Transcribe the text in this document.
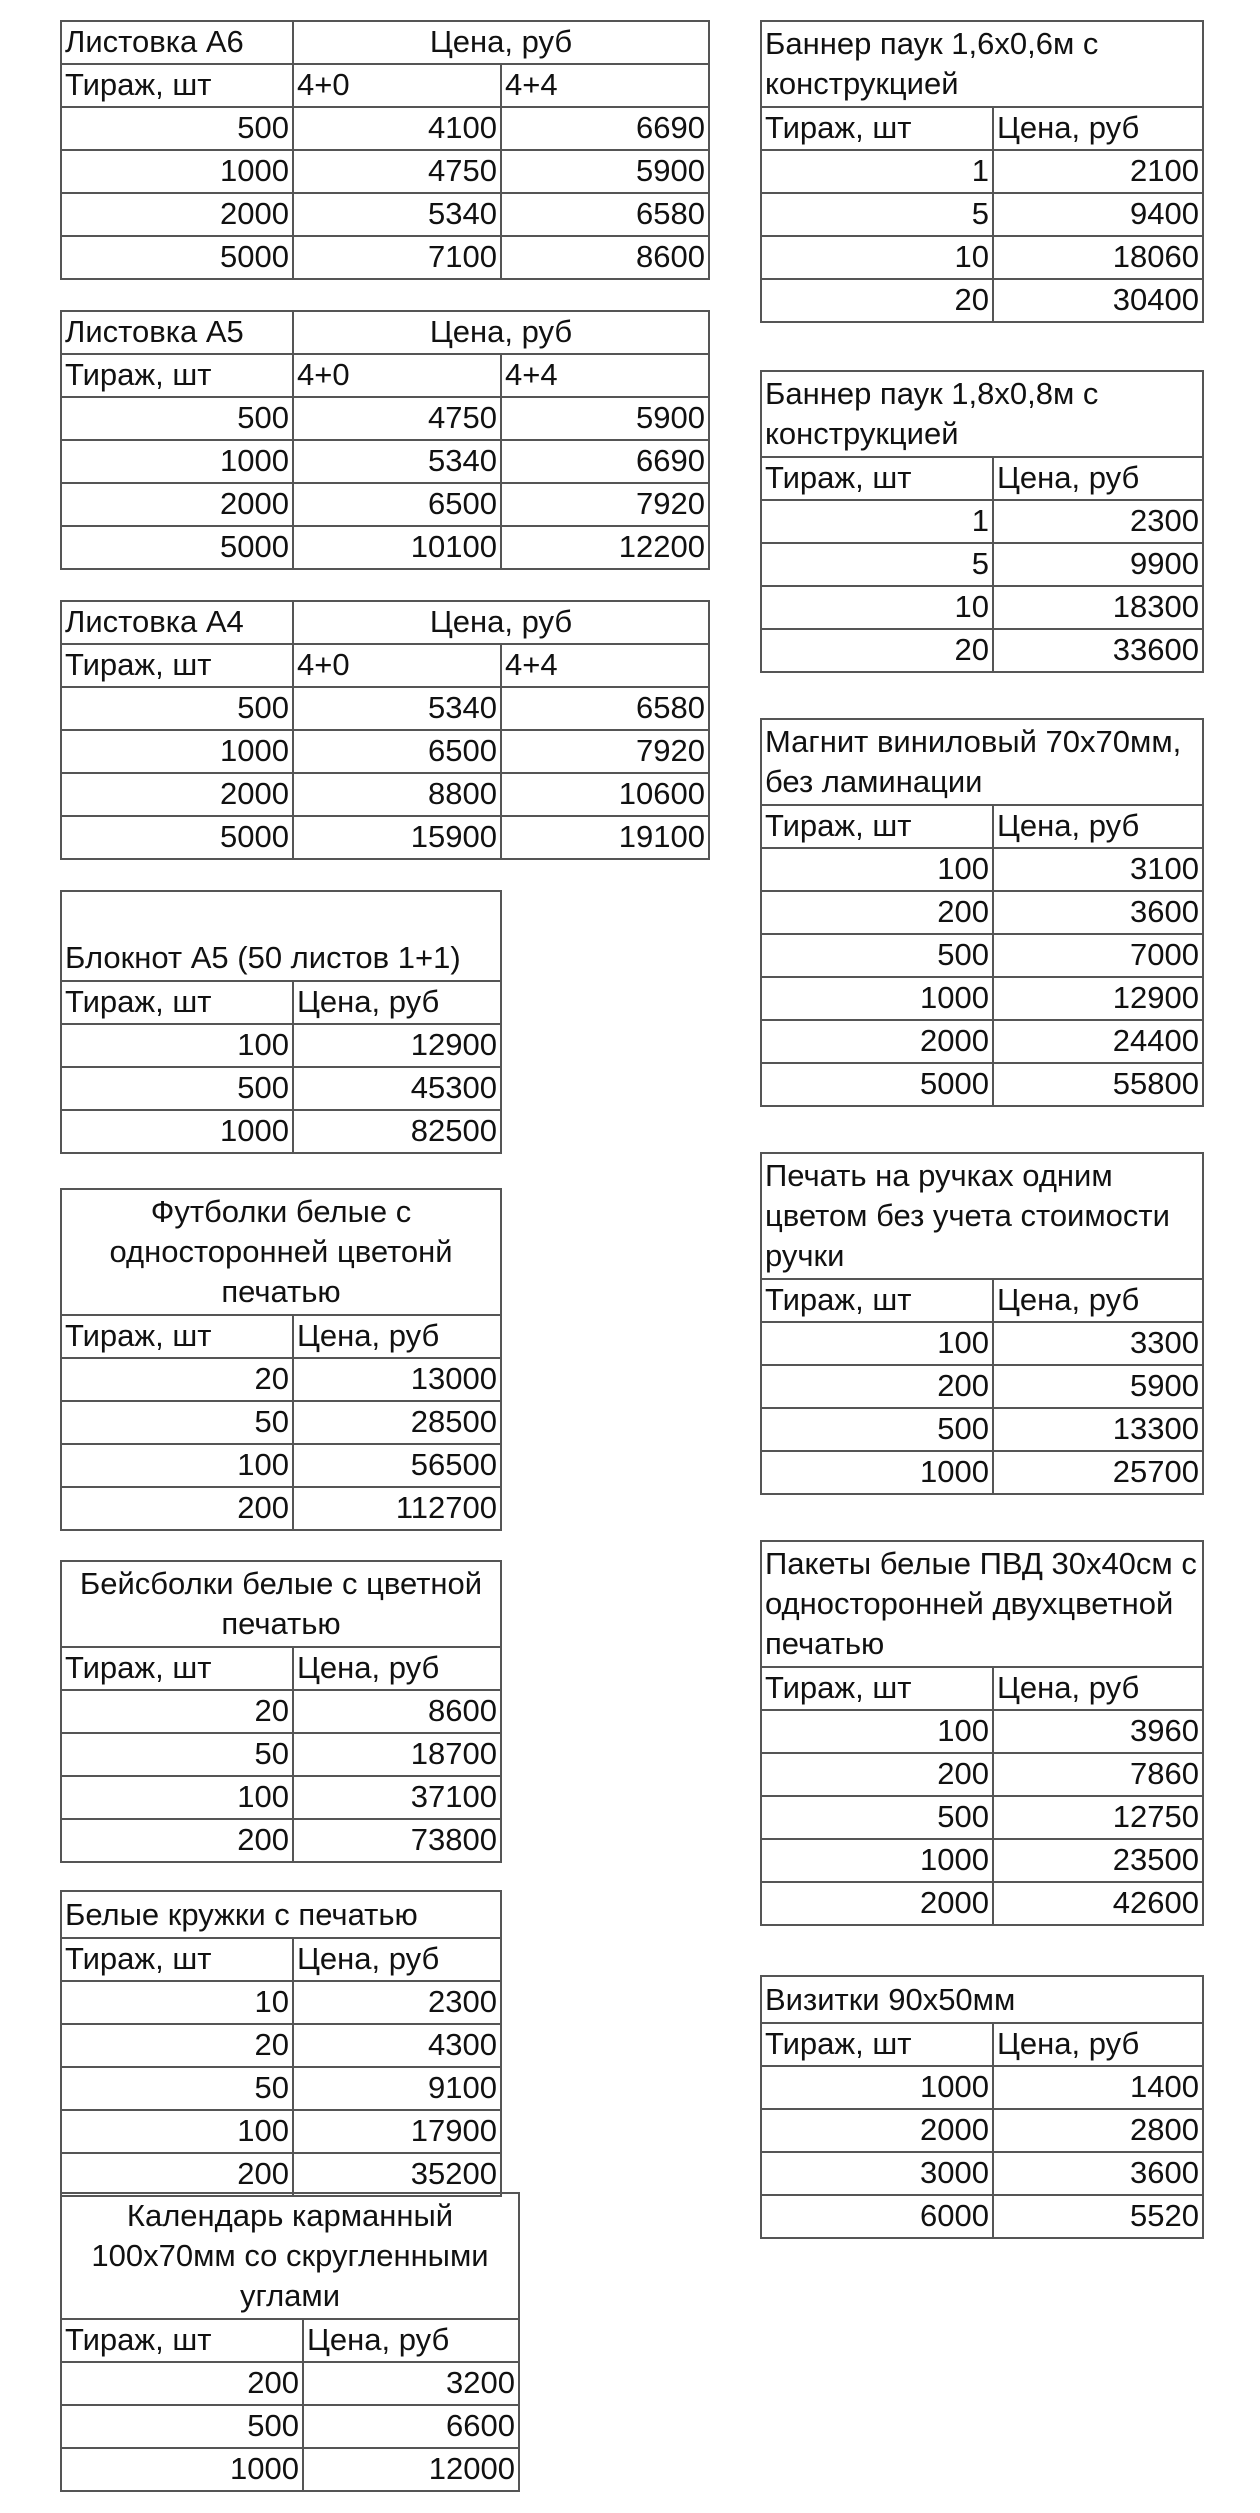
Листовка А6	Цена, руб	
Тираж, шт	4+0	4+4
500	4100	6690
1000	4750	5900
2000	5340	6580
5000	7100	8600
Листовка А5	Цена, руб	
Тираж, шт	4+0	4+4
500	4750	5900
1000	5340	6690
2000	6500	7920
5000	10100	12200
Листовка А4	Цена, руб	
Тираж, шт	4+0	4+4
500	5340	6580
1000	6500	7920
2000	8800	10600
5000	15900	19100
Блокнот А5 (50 листов 1+1)	
Тираж, шт	Цена, руб
100	12900
500	45300
1000	82500
Футболки белые с односторонней цветонй печатью	
Тираж, шт	Цена, руб
20	13000
50	28500
100	56500
200	112700
Бейсболки белые с цветной печатью	
Тираж, шт	Цена, руб
20	8600
50	18700
100	37100
200	73800
Белые кружки с печатью	
Тираж, шт	Цена, руб
10	2300
20	4300
50	9100
100	17900
200	35200
Календарь карманный 100х70мм со скругленными углами	
Тираж, шт	Цена, руб
200	3200
500	6600
1000	12000
Баннер паук 1,6х0,6м с конструкцией	
Тираж, шт	Цена, руб
1	2100
5	9400
10	18060
20	30400
Баннер паук 1,8х0,8м с конструкцией	
Тираж, шт	Цена, руб
1	2300
5	9900
10	18300
20	33600
Магнит виниловый 70х70мм, без ламинации	
Тираж, шт	Цена, руб
100	3100
200	3600
500	7000
1000	12900
2000	24400
5000	55800
Печать на ручках одним цветом без учета стоимости ручки	
Тираж, шт	Цена, руб
100	3300
200	5900
500	13300
1000	25700
Пакеты белые ПВД 30х40см с односторонней двухцветной печатью	
Тираж, шт	Цена, руб
100	3960
200	7860
500	12750
1000	23500
2000	42600
Визитки 90х50мм	
Тираж, шт	Цена, руб
1000	1400
2000	2800
3000	3600
6000	5520
